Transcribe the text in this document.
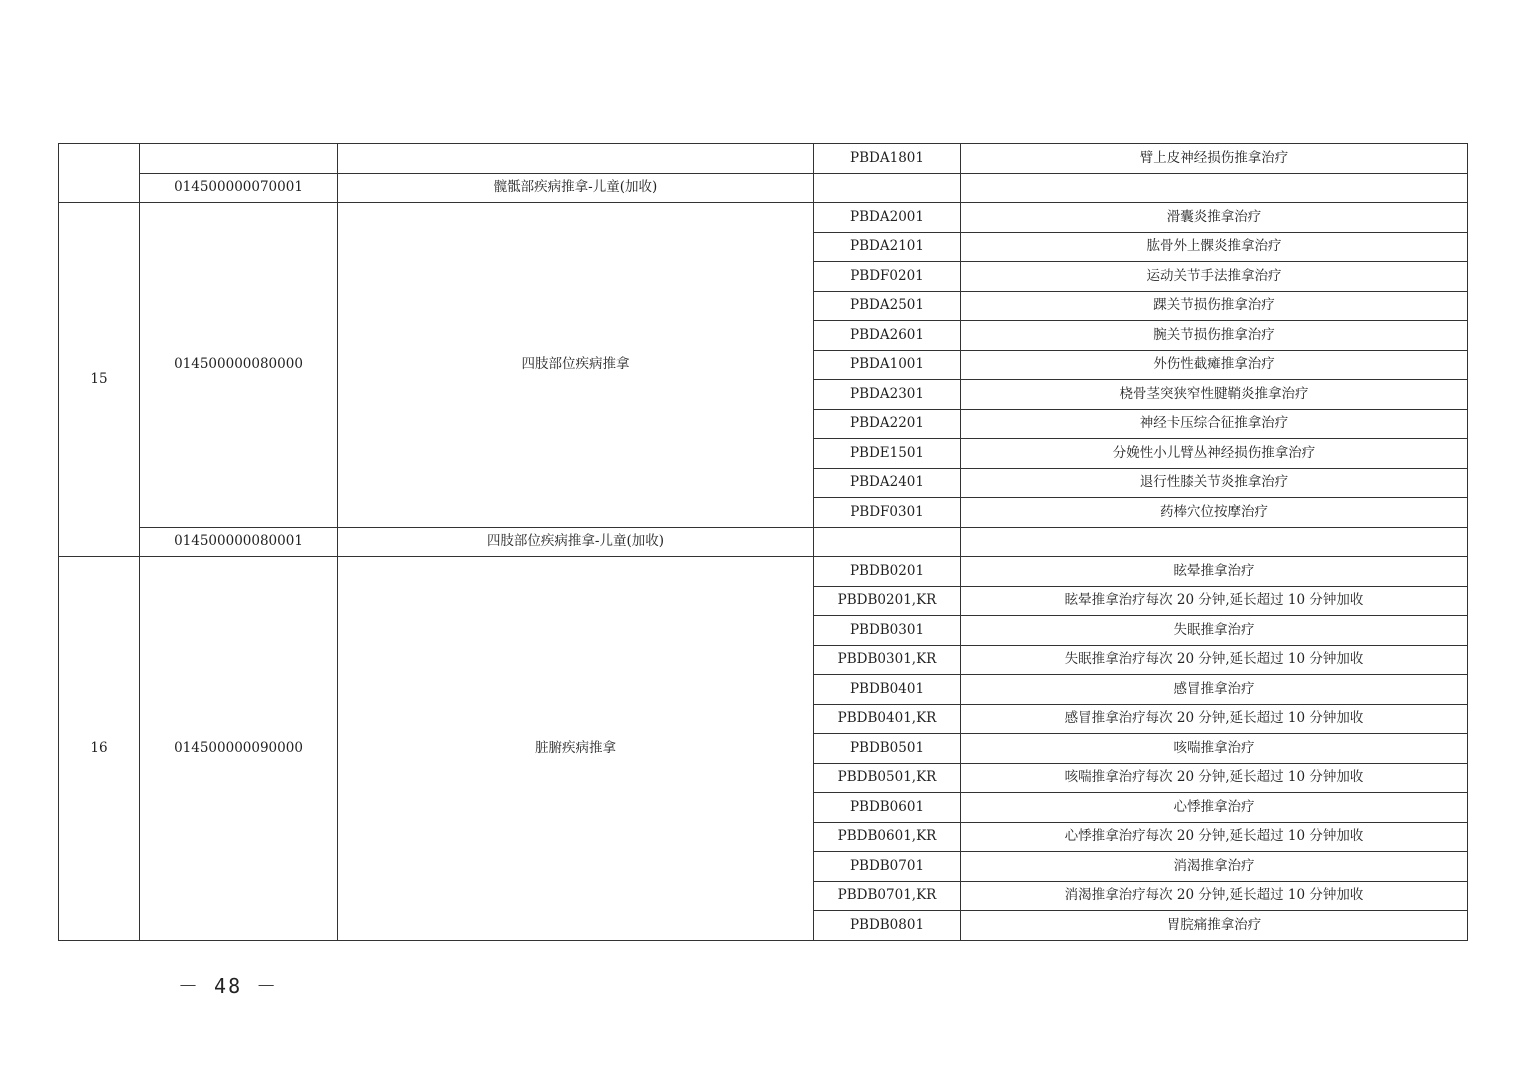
			PBDA1801	臂上皮神经损伤推拿治疗
	014500000070001	髋骶部疾病推拿-儿童(加收)		
15	014500000080000	四肢部位疾病推拿	PBDA2001	滑囊炎推拿治疗
			PBDA2101	肱骨外上髁炎推拿治疗
			PBDF0201	运动关节手法推拿治疗
			PBDA2501	踝关节损伤推拿治疗
			PBDA2601	腕关节损伤推拿治疗
			PBDA1001	外伤性截瘫推拿治疗
			PBDA2301	桡骨茎突狭窄性腱鞘炎推拿治疗
			PBDA2201	神经卡压综合征推拿治疗
			PBDE1501	分娩性小儿臂丛神经损伤推拿治疗
			PBDA2401	退行性膝关节炎推拿治疗
			PBDF0301	药棒穴位按摩治疗
	014500000080001	四肢部位疾病推拿-儿童(加收)		
16	014500000090000	脏腑疾病推拿	PBDB0201	眩晕推拿治疗
			PBDB0201,KR	眩晕推拿治疗每次 20 分钟,延长超过 10 分钟加收
			PBDB0301	失眠推拿治疗
			PBDB0301,KR	失眠推拿治疗每次 20 分钟,延长超过 10 分钟加收
			PBDB0401	感冒推拿治疗
			PBDB0401,KR	感冒推拿治疗每次 20 分钟,延长超过 10 分钟加收
			PBDB0501	咳喘推拿治疗
			PBDB0501,KR	咳喘推拿治疗每次 20 分钟,延长超过 10 分钟加收
			PBDB0601	心悸推拿治疗
			PBDB0601,KR	心悸推拿治疗每次 20 分钟,延长超过 10 分钟加收
			PBDB0701	消渴推拿治疗
			PBDB0701,KR	消渴推拿治疗每次 20 分钟,延长超过 10 分钟加收
			PBDB0801	胃脘痛推拿治疗
－ 48 －
